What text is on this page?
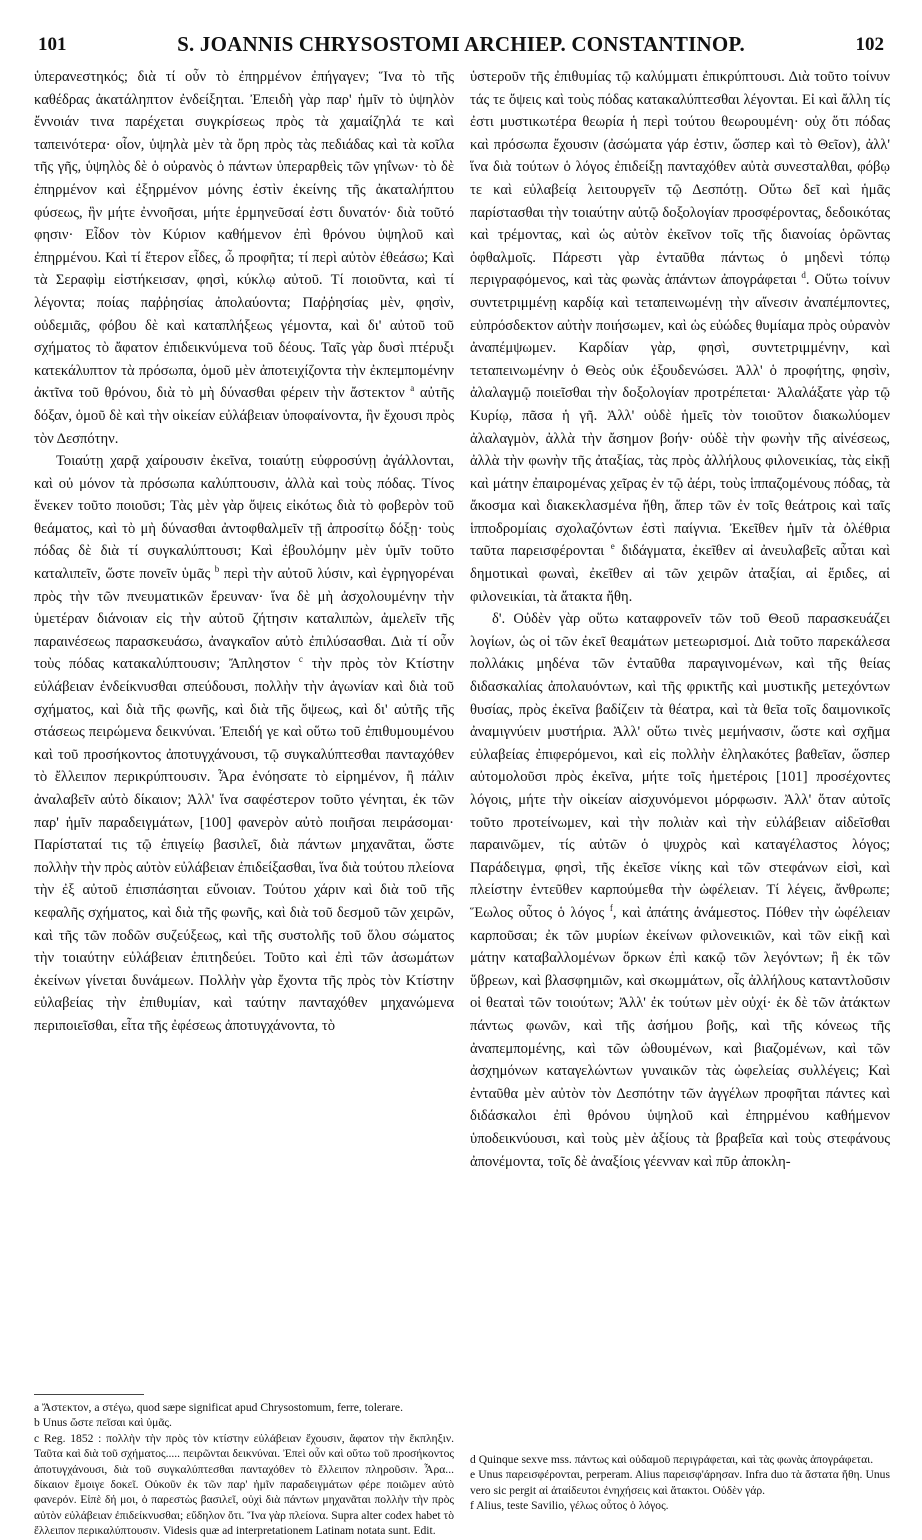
101	S. JOANNIS CHRYSOSTOMI ARCHIEP. CONSTANTINOP.	102

ὑπερανεστηκός; διὰ τί οὖν τὸ ἐπηρμένον ἐπήγαγεν; Ἵνα τὸ τῆς καθέδρας ἀκατάληπτον ἐνδείξηται. Ἐπειδὴ γὰρ παρ' ἡμῖν τὸ ὑψηλὸν ἔννοιάν τινα παρέχεται συγκρίσεως πρὸς τὰ χαμαίζηλά τε καὶ ταπεινότερα· οἷον, ὑψηλὰ μὲν τὰ ὄρη πρὸς τὰς πεδιάδας καὶ τὰ κοῖλα τῆς γῆς, ὑψηλὸς δὲ ὁ οὐρανὸς ὁ πάντων ὑπεραρθεὶς τῶν γηΐνων· τὸ δὲ ἐπηρμένον καὶ ἐξηρμένον μόνης ἐστὶν ἐκείνης τῆς ἀκαταλήπτου φύσεως, ἣν μήτε ἐννοῆσαι, μήτε ἑρμηνεῦσαί ἐστι δυνατόν· διὰ τοῦτό φησιν· Εἶδον τὸν Κύριον καθήμενον ἐπὶ θρόνου ὑψηλοῦ καὶ ἐπηρμένου. Καὶ τί ἕτερον εἶδες, ὦ προφῆτα; τί περὶ αὐτὸν ἐθεάσω; Καὶ τὰ Σεραφὶμ εἱστήκεισαν, φησὶ, κύκλῳ αὐτοῦ. Τί ποιοῦντα, καὶ τί λέγοντα; ποίας παῤῥησίας ἀπολαύοντα; Παῤῥησίας μὲν, φησὶν, οὐδεμιᾶς, φόβου δὲ καὶ καταπλήξεως γέμοντα, καὶ δι' αὐτοῦ τοῦ σχήματος τὸ ἄφατον ἐπιδεικνύμενα τοῦ δέους. Ταῖς γὰρ δυσὶ πτέρυξι κατεκάλυπτον τὰ πρόσωπα, ὁμοῦ μὲν ἀποτειχίζοντα τὴν ἐκπεμπομένην ἀκτῖνα τοῦ θρόνου, διὰ τὸ μὴ δύνασθαι φέρειν τὴν ἄστεκτον $^a$ αὐτῆς δόξαν, ὁμοῦ δὲ καὶ τὴν οἰκείαν εὐλάβειαν ὑποφαίνοντα, ἣν ἔχουσι πρὸς τὸν Δεσπότην.

Τοιαύτῃ χαρᾷ χαίρουσιν ἐκεῖνα, τοιαύτῃ εὐφροσύνῃ ἀγάλλονται, καὶ οὐ μόνον τὰ πρόσωπα καλύπτουσιν, ἀλλὰ καὶ τοὺς πόδας. Τίνος ἕνεκεν τοῦτο ποιοῦσι; Τὰς μὲν γὰρ ὄψεις εἰκότως διὰ τὸ φοβερὸν τοῦ θεάματος, καὶ τὸ μὴ δύνασθαι ἀντοφθαλμεῖν τῇ ἀπροσίτῳ δόξῃ· τοὺς πόδας δὲ διὰ τί συγκαλύπτουσι; Καὶ ἐβουλόμην μὲν ὑμῖν τοῦτο καταλιπεῖν, ὥστε πονεῖν ὑμᾶς $^b$ περὶ τὴν αὐτοῦ λύσιν, καὶ ἐγρηγορέναι πρὸς τὴν τῶν πνευματικῶν ἔρευναν· ἵνα δὲ μὴ ἀσχολουμένην τὴν ὑμετέραν διάνοιαν εἰς τὴν αὐτοῦ ζήτησιν καταλιπὼν, ἀμελεῖν τῆς παραινέσεως παρασκευάσω, ἀναγκαῖον αὐτὸ ἐπιλύσασθαι. Διὰ τί οὖν τοὺς πόδας κατακαλύπτουσιν; Ἄπληστον $^c$ τὴν πρὸς τὸν Κτίστην εὐλάβειαν ἐνδείκνυσθαι σπεύδουσι, πολλὴν τὴν ἀγωνίαν καὶ διὰ τοῦ σχήματος, καὶ διὰ τῆς φωνῆς, καὶ διὰ τῆς ὄψεως, καὶ δι' αὐτῆς τῆς στάσεως πειρώμενα δεικνύναι. Ἐπειδή γε καὶ οὕτω τοῦ ἐπιθυμουμένου καὶ τοῦ προσήκοντος ἀποτυγχάνουσι, τῷ συγκαλύπτεσθαι πανταχόθεν τὸ ἔλλειπον περικρύπτουσιν. Ἆρα ἐνόησατε τὸ εἰρημένον, ἢ πάλιν ἀναλαβεῖν αὐτὸ δίκαιον; Ἀλλ' ἵνα σαφέστερον τοῦτο γένηται, ἐκ τῶν παρ' ἡμῖν παραδειγμάτων, [100] φανερὸν αὐτὸ ποιῆσαι πειράσομαι· Παρίσταταί τις τῷ ἐπιγείῳ βασιλεῖ, διὰ πάντων μηχανᾶται, ὥστε πολλὴν τὴν πρὸς αὐτὸν εὐλάβειαν ἐπιδείξασθαι, ἵνα διὰ τούτου πλείονα τὴν ἐξ αὐτοῦ ἐπισπάσηται εὔνοιαν. Τούτου χάριν καὶ διὰ τοῦ τῆς κεφαλῆς σχήματος, καὶ διὰ τῆς φωνῆς, καὶ διὰ τοῦ δεσμοῦ τῶν χειρῶν, καὶ τῆς τῶν ποδῶν συζεύξεως, καὶ τῆς συστολῆς τοῦ ὅλου σώματος τὴν τοιαύτην εὐλάβειαν ἐπιτηδεύει. Τοῦτο καὶ ἐπὶ τῶν ἀσωμάτων ἐκείνων γίνεται δυνάμεων. Πολλὴν γὰρ ἔχοντα τῆς πρὸς τὸν Κτίστην εὐλαβείας τὴν ἐπιθυμίαν, καὶ ταύτην πανταχόθεν μηχανώμενα περιποιεῖσθαι, εἶτα τῆς ἐφέσεως ἀποτυγχάνοντα, τὸ

a Ἄστεκτον, a στέγω, quod sæpe significat apud Chrysostomum, ferre, tolerare.

b Unus ὥστε πεῖσαι καὶ ὑμᾶς.

c Reg. 1852 : πολλὴν τὴν πρὸς τὸν κτίστην εὐλάβειαν ἔχουσιν, ἄφατον τὴν ἔκπληξιν. Ταῦτα καὶ διὰ τοῦ σχήματος..... πειρῶνται δεικνύναι. Ἐπεὶ οὖν καὶ οὕτω τοῦ προσήκοντος ἀποτυγχάνουσι, διὰ τοῦ συγκαλύπτεσθαι πανταχόθεν τὸ ἔλλειπον πληροῦσιν. Ἆρα... δίκαιον ἔμοιγε δοκεῖ. Οὐκοῦν ἐκ τῶν παρ' ἡμῖν παραδειγμάτων φέρε ποιῶμεν αὐτὸ φανερόν. Εἰπὲ δή μοι, ὁ παρεστὼς βασιλεῖ, οὐχὶ διὰ πάντων μηχανᾶται πολλὴν τὴν πρὸς αὐτὸν εὐλάβειαν ἐπιδείκνυσθαι; εὔδηλον ὅτι. Ἵνα γὰρ πλείονα. Supra alter codex habet τὸ ἔλλειπον περικαλύπτουσιν. Videsis quæ ad interpretationem Latinam notata sunt. Edit.

ὑστεροῦν τῆς ἐπιθυμίας τῷ καλύμματι ἐπικρύπτουσι. Διὰ τοῦτο τοίνυν τάς τε ὄψεις καὶ τοὺς πόδας κατακαλύπτεσθαι λέγονται. Εἰ καὶ ἄλλη τίς ἐστι μυστικωτέρα θεωρία ἡ περὶ τούτου θεωρουμένη· οὐχ ὅτι πόδας καὶ πρόσωπα ἔχουσιν (ἀσώματα γάρ ἐστιν, ὥσπερ καὶ τὸ Θεῖον), ἀλλ' ἵνα διὰ τούτων ὁ λόγος ἐπιδείξῃ πανταχόθεν αὐτὰ συνεσταλθαι, φόβῳ τε καὶ εὐλαβείᾳ λειτουργεῖν τῷ Δεσπότῃ. Οὕτω δεῖ καὶ ἡμᾶς παρίστασθαι τὴν τοιαύτην αὐτῷ δοξολογίαν προσφέροντας, δεδοικότας καὶ τρέμοντας, καὶ ὡς αὐτὸν ἐκεῖνον τοῖς τῆς διανοίας ὁρῶντας ὀφθαλμοῖς. Πάρεστι γὰρ ἐνταῦθα πάντως ὁ μηδενὶ τόπῳ περιγραφόμενος, καὶ τὰς φωνὰς ἁπάντων ἀπογράφεται $^d$. Οὕτω τοίνυν συντετριμμένῃ καρδίᾳ καὶ τεταπεινωμένῃ τὴν αἴνεσιν ἀναπέμποντες, εὐπρόσδεκτον αὐτὴν ποιήσωμεν, καὶ ὡς εὐώδες θυμίαμα πρὸς οὐρανὸν ἀναπέμψωμεν. Καρδίαν γὰρ, φησὶ, συντετριμμένην, καὶ τεταπεινωμένην ὁ Θεὸς οὐκ ἐξουδενώσει. Ἀλλ' ὁ προφήτης, φησὶν, ἀλαλαγμῷ ποιεῖσθαι τὴν δοξολογίαν προτρέπεται· Ἀλαλάξατε γὰρ τῷ Κυρίῳ, πᾶσα ἡ γῆ. Ἀλλ' οὐδὲ ἡμεῖς τὸν τοιοῦτον διακωλύομεν ἀλαλαγμὸν, ἀλλὰ τὴν ἄσημον βοήν· οὐδὲ τὴν φωνὴν τῆς αἰνέσεως, ἀλλὰ τὴν φωνὴν τῆς ἀταξίας, τὰς πρὸς ἀλλήλους φιλονεικίας, τὰς εἰκῇ καὶ μάτην ἐπαιρομένας χεῖρας ἐν τῷ ἀέρι, τοὺς ἱππαζομένους πόδας, τὰ ἄκοσμα καὶ διακεκλασμένα ἤθη, ἅπερ τῶν ἐν τοῖς θεάτροις καὶ ταῖς ἱπποδρομίαις σχολαζόντων ἐστὶ παίγνια. Ἐκεῖθεν ἡμῖν τὰ ὀλέθρια ταῦτα παρεισφέρονται $^e$ διδάγματα, ἐκεῖθεν αἱ ἀνευλαβεῖς αὗται καὶ δημοτικαὶ φωναὶ, ἐκεῖθεν αἱ τῶν χειρῶν ἀταξίαι, αἱ ἔριδες, αἱ φιλονεικίαι, τὰ ἄτακτα ἤθη.

δ'. Οὐδὲν γὰρ οὕτω καταφρονεῖν τῶν τοῦ Θεοῦ παρασκευάζει λογίων, ὡς οἱ τῶν ἐκεῖ θεαμάτων μετεωρισμοί. Διὰ τοῦτο παρεκάλεσα πολλάκις μηδένα τῶν ἐνταῦθα παραγινομένων, καὶ τῆς θείας διδασκαλίας ἀπολαυόντων, καὶ τῆς φρικτῆς καὶ μυστικῆς μετεχόντων θυσίας, πρὸς ἐκεῖνα βαδίζειν τὰ θέατρα, καὶ τὰ θεῖα τοῖς δαιμονικοῖς ἀναμιγνύειν μυστήρια. Ἀλλ' οὕτω τινὲς μεμήνασιν, ὥστε καὶ σχῆμα εὐλαβείας ἐπιφερόμενοι, καὶ εἰς πολλὴν ἐληλακότες βαθεῖαν, ὥσπερ αὐτομολοῦσι πρὸς ἐκεῖνα, μήτε τοῖς ἡμετέροις [101] προσέχοντες λόγοις, μήτε τὴν οἰκείαν αἰσχυνόμενοι μόρφωσιν. Ἀλλ' ὅταν αὐτοῖς τοῦτο προτείνωμεν, καὶ τὴν πολιὰν καὶ τὴν εὐλάβειαν αἰδεῖσθαι παραινῶμεν, τίς αὐτῶν ὁ ψυχρὸς καὶ καταγέλαστος λόγος; Παράδειγμα, φησὶ, τῆς ἐκεῖσε νίκης καὶ τῶν στεφάνων εἰσὶ, καὶ πλείστην ἐντεῦθεν καρπούμεθα τὴν ὠφέλειαν. Τί λέγεις, ἄνθρωπε; Ἕωλος οὗτος ὁ λόγος $^f$, καὶ ἀπάτης ἀνάμεστος. Πόθεν τὴν ὠφέλειαν καρποῦσαι; ἐκ τῶν μυρίων ἐκείνων φιλονεικιῶν, καὶ τῶν εἰκῇ καὶ μάτην καταβαλλομένων ὅρκων ἐπὶ κακῷ τῶν λεγόντων; ἢ ἐκ τῶν ὕβρεων, καὶ βλασφημιῶν, καὶ σκωμμάτων, οἷς ἀλλήλους καταντλοῦσιν οἱ θεαταὶ τῶν τοιούτων; Ἀλλ' ἐκ τούτων μὲν οὐχί· ἐκ δὲ τῶν ἀτάκτων πάντως φωνῶν, καὶ τῆς ἀσήμου βοῆς, καὶ τῆς κόνεως τῆς ἀναπεμπομένης, καὶ τῶν ὠθουμένων, καὶ βιαζομένων, καὶ τῶν ἀσχημόνων καταγελώντων γυναικῶν τὰς ὠφελείας συλλέγεις; Καὶ ἐνταῦθα μὲν αὐτὸν τὸν Δεσπότην τῶν ἀγγέλων προφῆται πάντες καὶ διδάσκαλοι ἐπὶ θρόνου ὑψηλοῦ καὶ ἐπηρμένου καθήμενον ὑποδεικνύουσι, καὶ τοὺς μὲν ἀξίους τὰ βραβεῖα καὶ τοὺς στεφάνους ἀπονέμοντα, τοῖς δὲ ἀναξίοις γέενναν καὶ πῦρ ἀποκλη-

d Quinque sexve mss. πάντως καὶ οὐδαμοῦ περιγράφεται, καὶ τὰς φωνὰς ἀπογράφεται.

e Unus παρεισφέρονται, perperam. Alius παρεισφ'άρησαν. Infra duo τὰ ἄστατα ἤθη. Unus vero sic pergit αἱ ἀταίδευτοι ἐνηχήσεις καὶ ἄτακτοι. Οὐδὲν γάρ.

f Alius, teste Savilio, γέλως οὗτος ὁ λόγος.
